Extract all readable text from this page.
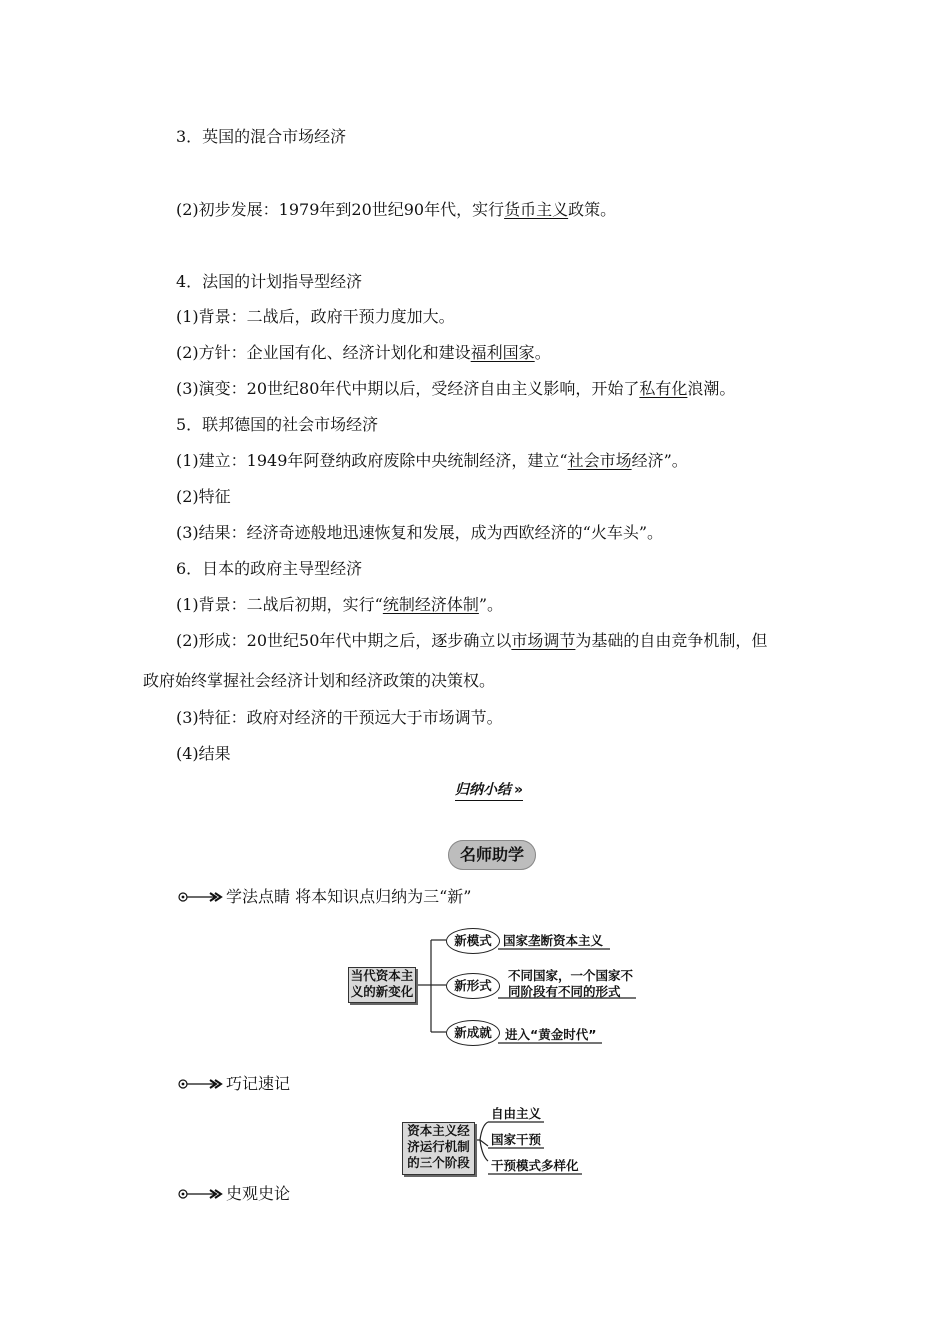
3．英国的混合市场经济
(2)初步发展：1979年到20世纪90年代，实行货币主义政策。
4．法国的计划指导型经济
(1)背景：二战后，政府干预力度加大。
(2)方针：企业国有化、经济计划化和建设福利国家。
(3)演变：20世纪80年代中期以后，受经济自由主义影响，开始了私有化浪潮。
5．联邦德国的社会市场经济
(1)建立：1949年阿登纳政府废除中央统制经济，建立“社会市场经济”。
(2)特征
(3)结果：经济奇迹般地迅速恢复和发展，成为西欧经济的“火车头”。
6．日本的政府主导型经济
(1)背景：二战后初期，实行“统制经济体制”。
(2)形成：20世纪50年代中期之后，逐步确立以市场调节为基础的自由竞争机制，但
政府始终掌握社会经济计划和经济政策的决策权。
(3)特征：政府对经济的干预远大于市场调节。
(4)结果
归纳小结 »
名师助学
学法点睛 将本知识点归纳为三“新”
当代资本主
义的新变化
新模式 国家垄断资本主义
新形式
不同国家，一个国家不
同阶段有不同的形式
新成就	进入“黄金时代”
巧记速记
资本主义经
济运行机制
的三个阶段
自由主义
国家干预
干预模式多样化
史观史论
